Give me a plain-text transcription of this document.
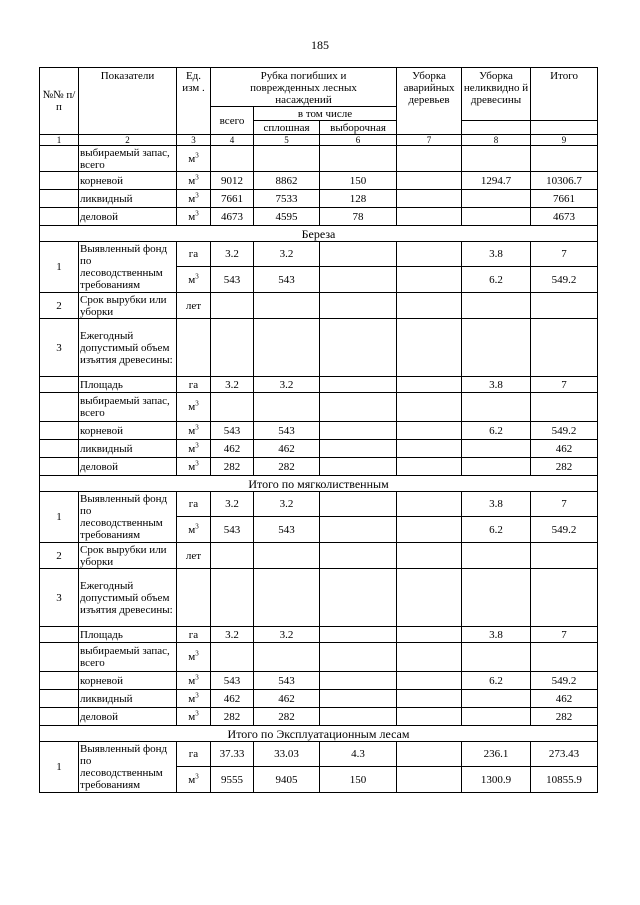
185
№№ п/п	Показатели	Ед. изм .	Рубка погибших и поврежденных лесных насаждений			Уборка аварийных деревьев	Уборка неликвидно й древесины	Итого
			всего	в том числе				
				сплошная	выборочная			
1	2	3	4	5	6	7	8	9
	выбираемый запас, всего	$м^3$						
	корневой	$м^3$	9012	8862	150		1294.7	10306.7
	ликвидный	$м^3$	7661	7533	128			7661
	деловой	$м^3$	4673	4595	78			4673
Береза								
1	Выявленный фонд по лесоводственным требованиям	га	3.2	3.2			3.8	7
		$м^3$	543	543			6.2	549.2
2	Срок вырубки или уборки	лет						
3	Ежегодный допустимый объем изъятия древесины:							
	Площадь	га	3.2	3.2			3.8	7
	выбираемый запас, всего	$м^3$						
	корневой	$м^3$	543	543			6.2	549.2
	ликвидный	$м^3$	462	462				462
	деловой	$м^3$	282	282				282
Итого по мягколиственным								
1	Выявленный фонд по лесоводственным требованиям	га	3.2	3.2			3.8	7
		$м^3$	543	543			6.2	549.2
2	Срок вырубки или уборки	лет						
3	Ежегодный допустимый объем изъятия древесины:							
	Площадь	га	3.2	3.2			3.8	7
	выбираемый запас, всего	$м^3$						
	корневой	$м^3$	543	543			6.2	549.2
	ликвидный	$м^3$	462	462				462
	деловой	$м^3$	282	282				282
Итого по Эксплуатационным лесам								
1	Выявленный фонд по лесоводственным требованиям	га	37.33	33.03	4.3		236.1	273.43
		$м^3$	9555	9405	150		1300.9	10855.9
